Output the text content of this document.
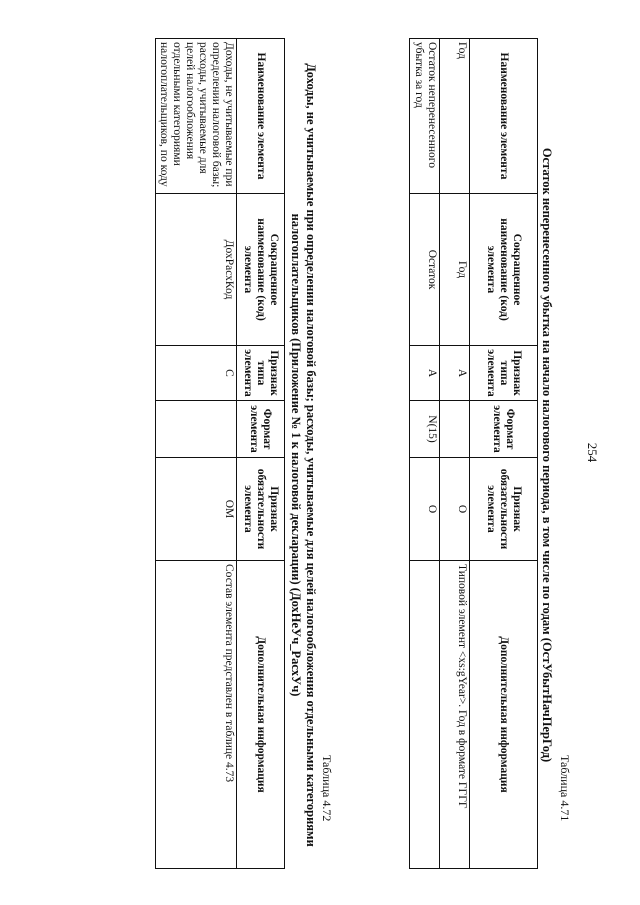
254
Таблица 4.71
Остаток неперенесенного убытка на начало налогового периода, в том числе по годам (ОстУбытНачПерГод)
Наименование элемента	Сокращенное наименование (код) элемента	Признак типа элемента	Формат элемента	Признак обязательности элемента	Дополнительная информация
Год	Год	А		О	Типовой элемент <xs:gYear>. Год в формате ГГГГ
Остаток неперенесенного убытка за год	Остаток	А	N(15)	О	
Таблица 4.72
Доходы, не учитываемые при определении налоговой базы; расходы, учитываемые для целей налогообложения отдельными категориями налогоплательщиков (Приложение № 1 к налоговой декларации) (ДохНеУч_РасхУч)
Наименование элемента	Сокращенное наименование (код) элемента	Признак типа элемента	Формат элемента	Признак обязательности элемента	Дополнительная информация
Доходы, не учитываемые при определении налоговой базы; расходы, учитываемые для целей налогообложения отдельными категориями налогоплательщиков, по коду	ДохРасхКод	С		ОМ	Состав элемента представлен в таблице 4.73
